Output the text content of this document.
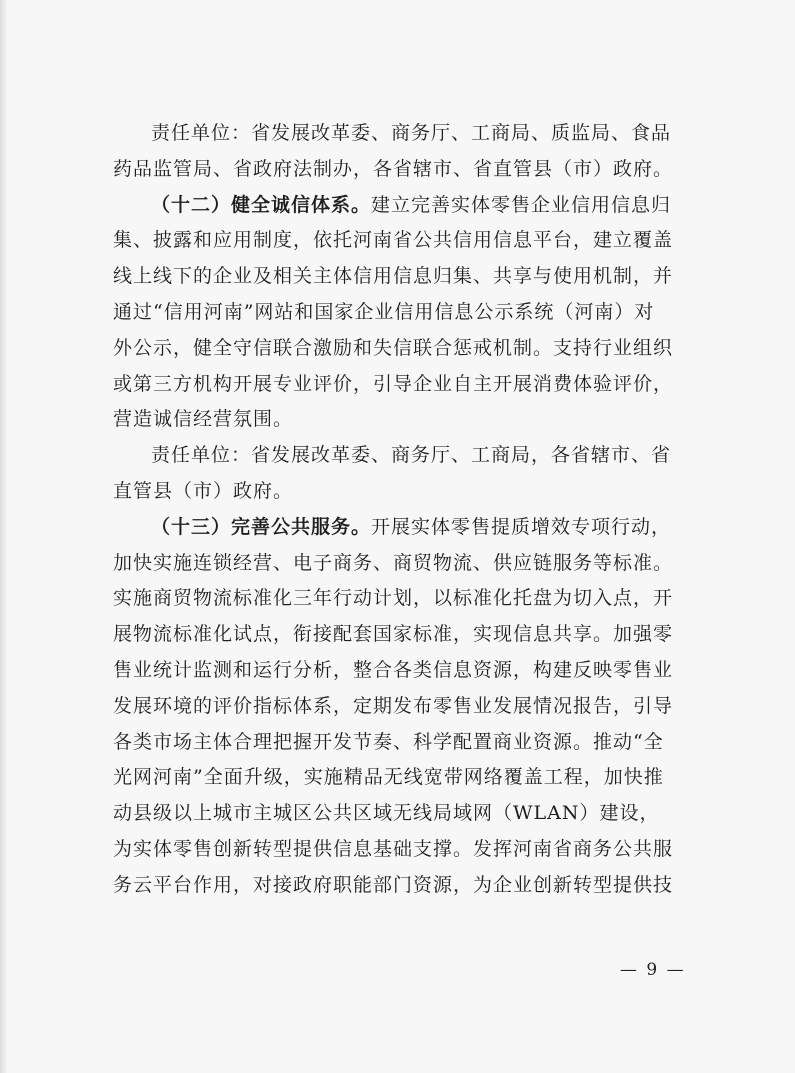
责任单位：省发展改革委、商务厅、工商局、质监局、食品
药品监管局、省政府法制办，各省辖市、省直管县（市）政府。
（十二）健全诚信体系。建立完善实体零售企业信用信息归
集、披露和应用制度，依托河南省公共信用信息平台，建立覆盖
线上线下的企业及相关主体信用信息归集、共享与使用机制，并
通过“信用河南”网站和国家企业信用信息公示系统（河南）对
外公示，健全守信联合激励和失信联合惩戒机制。支持行业组织
或第三方机构开展专业评价，引导企业自主开展消费体验评价，
营造诚信经营氛围。
责任单位：省发展改革委、商务厅、工商局，各省辖市、省
直管县（市）政府。
（十三）完善公共服务。开展实体零售提质增效专项行动，
加快实施连锁经营、电子商务、商贸物流、供应链服务等标准。
实施商贸物流标准化三年行动计划，以标准化托盘为切入点，开
展物流标准化试点，衔接配套国家标准，实现信息共享。加强零
售业统计监测和运行分析，整合各类信息资源，构建反映零售业
发展环境的评价指标体系，定期发布零售业发展情况报告，引导
各类市场主体合理把握开发节奏、科学配置商业资源。推动“全
光网河南”全面升级，实施精品无线宽带网络覆盖工程，加快推
动县级以上城市主城区公共区域无线局域网（WLAN）建设，
为实体零售创新转型提供信息基础支撑。发挥河南省商务公共服
务云平台作用，对接政府职能部门资源，为企业创新转型提供技
— 9 —
